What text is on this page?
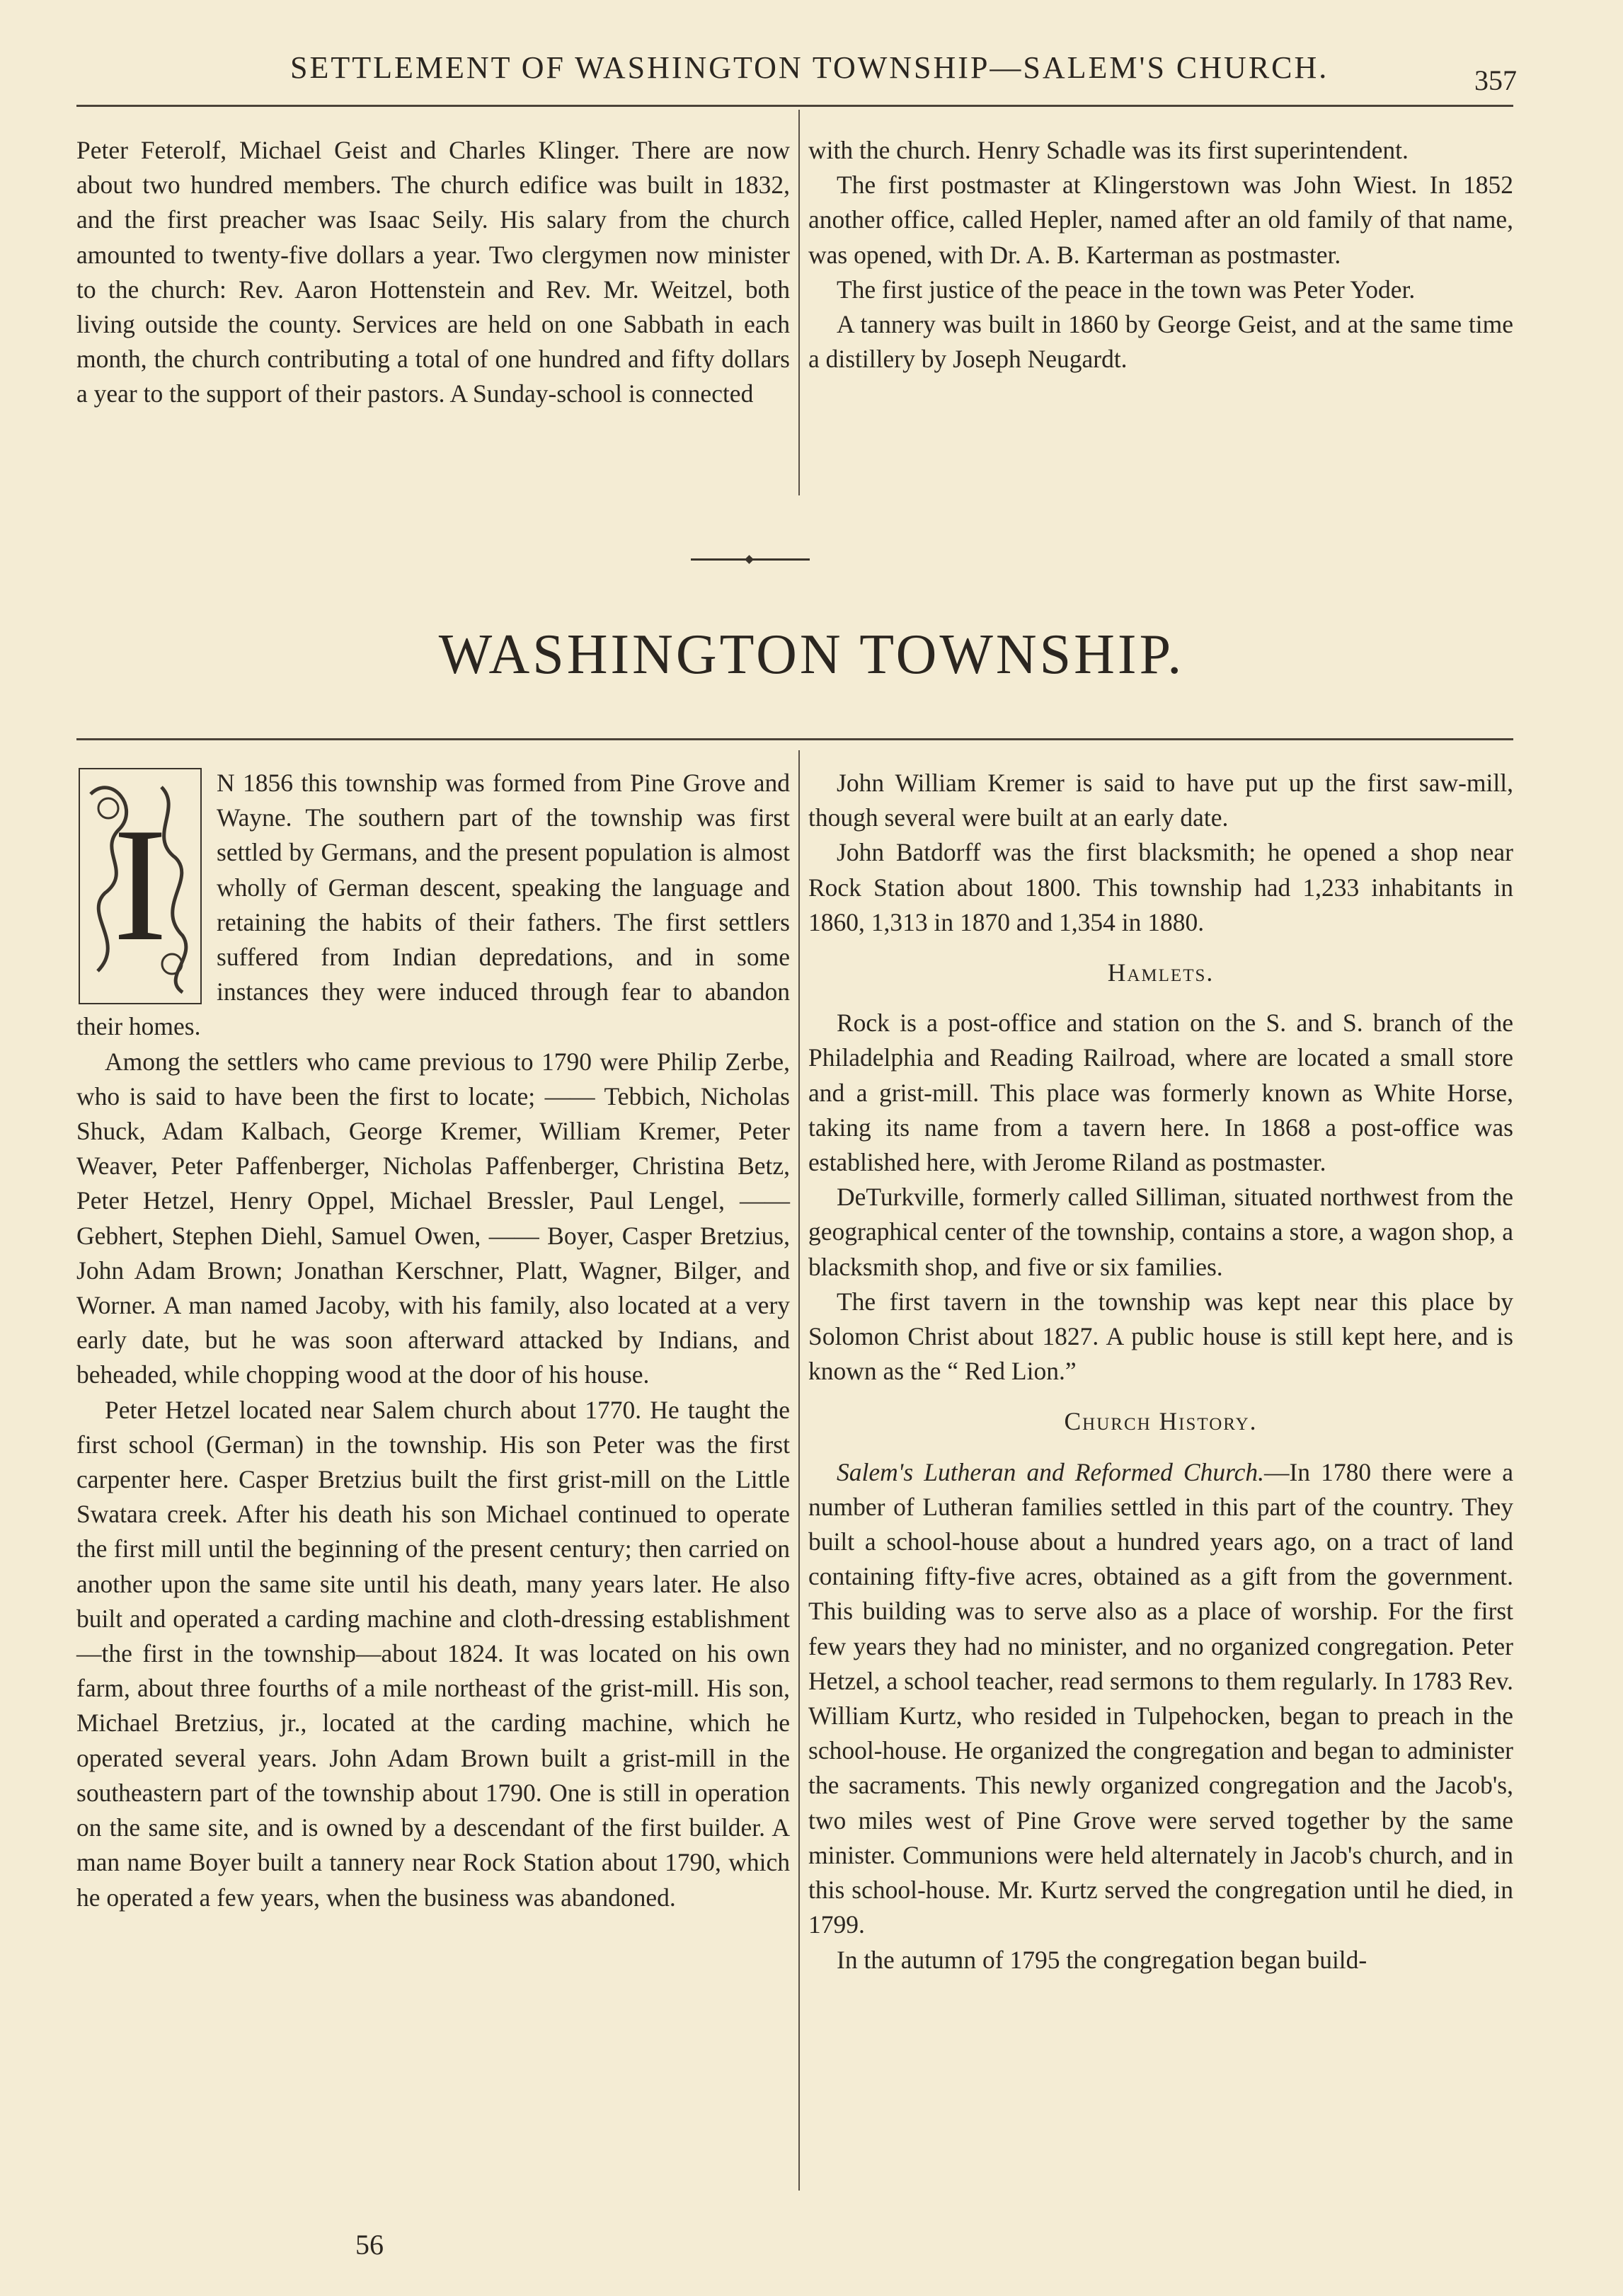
SETTLEMENT OF WASHINGTON TOWNSHIP—SALEM'S CHURCH.	357

Peter Feterolf, Michael Geist and Charles Klinger. There are now about two hundred members. The church edifice was built in 1832, and the first preacher was Isaac Seily. His salary from the church amounted to twenty-five dollars a year. Two clergymen now minister to the church: Rev. Aaron Hottenstein and Rev. Mr. Weitzel, both living outside the county. Services are held on one Sabbath in each month, the church contributing a total of one hundred and fifty dollars a year to the support of their pastors. A Sunday-school is connected

with the church. Henry Schadle was its first superintendent.

The first postmaster at Klingerstown was John Wiest. In 1852 another office, called Hepler, named after an old family of that name, was opened, with Dr. A. B. Karterman as postmaster.

The first justice of the peace in the town was Peter Yoder.

A tannery was built in 1860 by George Geist, and at the same time a distillery by Joseph Neugardt.

WASHINGTON TOWNSHIP.
I

N 1856 this township was formed from Pine Grove and Wayne. The southern part of the township was first settled by Germans, and the present population is almost wholly of German descent, speaking the language and retaining the habits of their fathers. The first settlers suffered from Indian depredations, and in some instances they were induced through fear to abandon their homes.

Among the settlers who came previous to 1790 were Philip Zerbe, who is said to have been the first to locate; —— Tebbich, Nicholas Shuck, Adam Kalbach, George Kremer, William Kremer, Peter Weaver, Peter Paffenberger, Nicholas Paffenberger, Christina Betz, Peter Hetzel, Henry Oppel, Michael Bressler, Paul Lengel, —— Gebhert, Stephen Diehl, Samuel Owen, —— Boyer, Casper Bretzius, John Adam Brown; Jonathan Kerschner, Platt, Wagner, Bilger, and Worner. A man named Jacoby, with his family, also located at a very early date, but he was soon afterward attacked by Indians, and beheaded, while chopping wood at the door of his house.

Peter Hetzel located near Salem church about 1770. He taught the first school (German) in the township. His son Peter was the first carpenter here. Casper Bretzius built the first grist-mill on the Little Swatara creek. After his death his son Michael continued to operate the first mill until the beginning of the present century; then carried on another upon the same site until his death, many years later. He also built and operated a carding machine and cloth-dressing establishment—the first in the township—about 1824. It was located on his own farm, about three fourths of a mile northeast of the grist-mill. His son, Michael Bretzius, jr., located at the carding machine, which he operated several years. John Adam Brown built a grist-mill in the southeastern part of the township about 1790. One is still in operation on the same site, and is owned by a descendant of the first builder. A man name Boyer built a tannery near Rock Station about 1790, which he operated a few years, when the business was abandoned.

John William Kremer is said to have put up the first saw-mill, though several were built at an early date.

John Batdorff was the first blacksmith; he opened a shop near Rock Station about 1800. This township had 1,233 inhabitants in 1860, 1,313 in 1870 and 1,354 in 1880.

Hamlets.

Rock is a post-office and station on the S. and S. branch of the Philadelphia and Reading Railroad, where are located a small store and a grist-mill. This place was formerly known as White Horse, taking its name from a tavern here. In 1868 a post-office was established here, with Jerome Riland as postmaster.

DeTurkville, formerly called Silliman, situated northwest from the geographical center of the township, contains a store, a wagon shop, a blacksmith shop, and five or six families.

The first tavern in the township was kept near this place by Solomon Christ about 1827. A public house is still kept here, and is known as the “ Red Lion.”

Church History.

Salem's Lutheran and Reformed Church.—In 1780 there were a number of Lutheran families settled in this part of the country. They built a school-house about a hundred years ago, on a tract of land containing fifty-five acres, obtained as a gift from the government. This building was to serve also as a place of worship. For the first few years they had no minister, and no organized congregation. Peter Hetzel, a school teacher, read sermons to them regularly. In 1783 Rev. William Kurtz, who resided in Tulpehocken, began to preach in the school-house. He organized the congregation and began to administer the sacraments. This newly organized congregation and the Jacob's, two miles west of Pine Grove were served together by the same minister. Communions were held alternately in Jacob's church, and in this school-house. Mr. Kurtz served the congregation until he died, in 1799.

In the autumn of 1795 the congregation began build-

56
